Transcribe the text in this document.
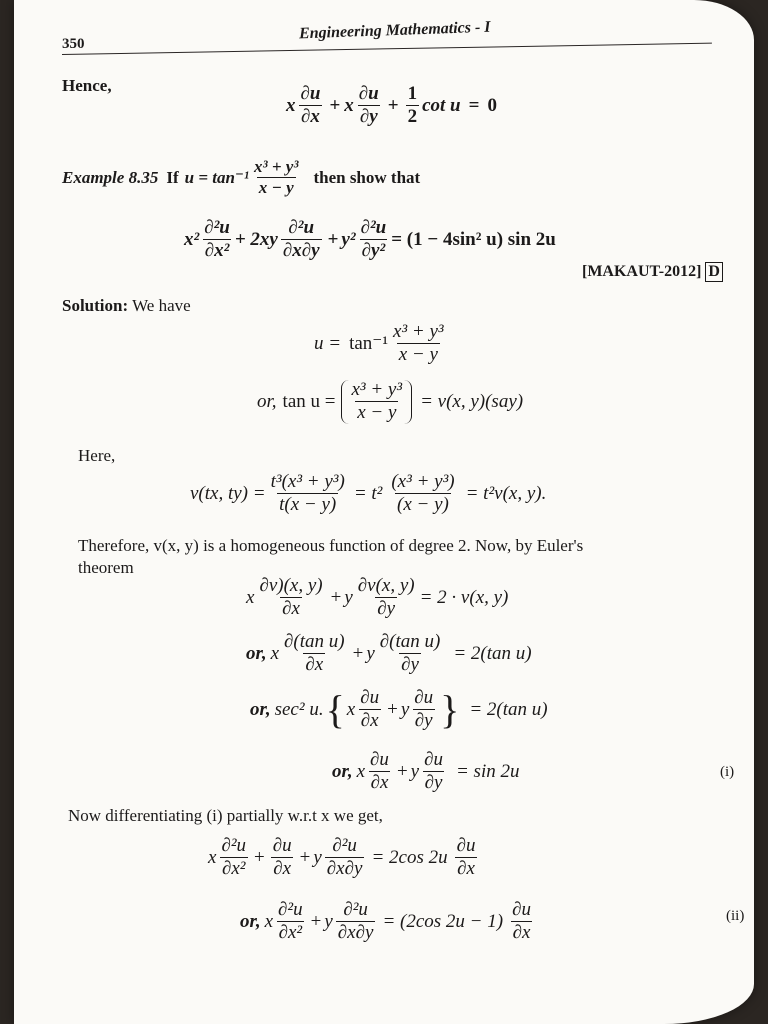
350
Engineering Mathematics - I
Hence,
x $\frac{\partial u}{\partial x} + x \frac{\partial u}{\partial y} + \frac{1}{2}$ cot u = 0
Example 8.35 If $u = \tan^{-1} \frac{\text{x³ + y³}}{x - y}$ then show that
$x^2 \frac{\text{∂²u}}{\text{∂x²}} + 2xy \frac{\text{∂²u}}{\partial x\partial y} + y^2 \frac{\text{∂²u}}{\text{∂y²}} = (1 - 4\sin^2$ u) sin 2u
[MAKAUT-2012] D
Solution: We have
$u = \tan^{-1} \frac{\text{x³ + y³}}{x - y}$
or, $\tan u = \frac{\text{x³ + y³}}{x - y} = v(x$, y)(say)
Here,
v(tx, $ty) = \frac{\text{t³(x³ + y³)}}{t(x - y)} = t^2 \frac{\text{(x³ + y³)}}{(x - y)} = t^2v(x$, y).
Therefore, v(x, y) is a homogeneous function of degree 2. Now, by Euler's
theorem
x $\frac{\partial v)(x, y)}{\partial x} + y \frac{\partial v(x, y)}{\partial y} = 2 \cdot v(x$, y)
or, x $\frac{\text{∂(tan u)}}{\partial x} + y \frac{\text{∂(tan u)}}{\partial y} = 2(\tan$ u)
or, sec² u. { x $\frac{\partial u}{\partial x} + y \frac{\partial u}{\partial y}$ } = 2(tan u)
or, x $\frac{\partial u}{\partial x} + y \frac{\partial u}{\partial y} = \sin 2u$	(i)
Now differentiating (i) partially w.r.t x we get,
x $\frac{\text{∂²u}}{\text{∂x²}} + \frac{\partial u}{\partial x} + y \frac{\text{∂²u}}{\partial x\partial y} = 2\cos$ $2u \frac{\partial u}{\partial x}$
or, x $\frac{\text{∂²u}}{\text{∂x²}} + y \frac{\text{∂²u}}{\partial x\partial y} = (2\cos$ $2u - 1) \frac{\partial u}{\partial x}$	(ii)
